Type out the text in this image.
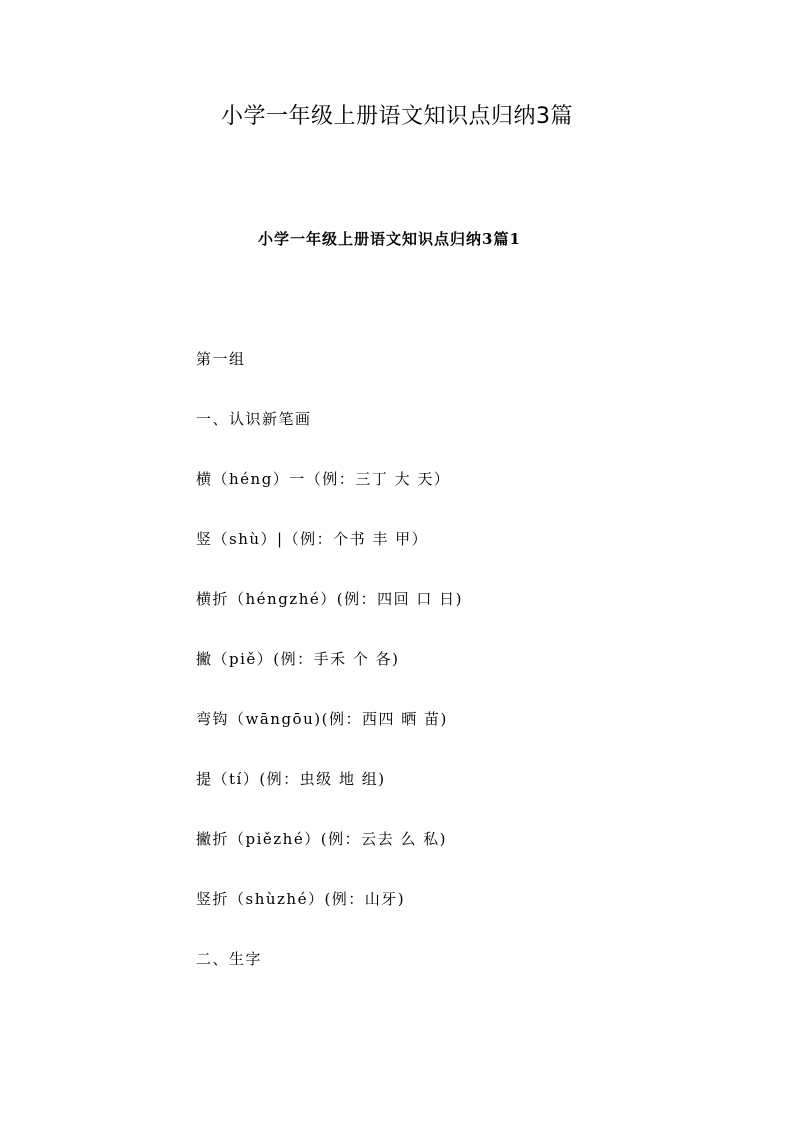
小学一年级上册语文知识点归纳3篇
小学一年级上册语文知识点归纳3篇1
第一组
一、认识新笔画
横（héng）一（例：三丁 大 天）
竖（shù）|（例：个书 丰 甲）
横折（héngzhé）(例：四回 口 日)
撇（piě）(例：手禾 个 各)
弯钩（wāngōu)(例：西四 晒 苗)
提（tí）(例：虫级 地 组)
撇折（piězhé）(例：云去 么 私)
竖折（shùzhé）(例：山牙)
二、生字
